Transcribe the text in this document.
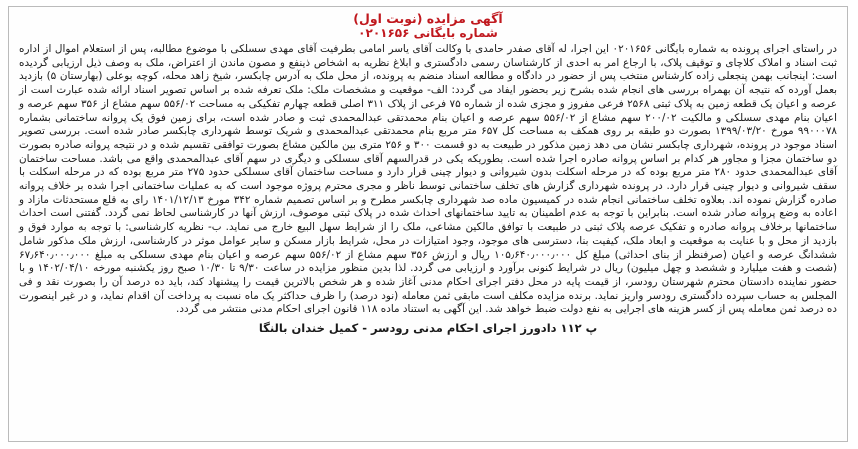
آگهی مزایده (نوبت اول)

شماره بایگانی ۰۲۰۱۶۵۶

در راستای اجرای پرونده به شماره بایگانی ۰۲۰۱۶۵۶ این اجرا، له آقای صفدر حامدی با وکالت آقای یاسر امامی بطرفیت آقای مهدی سسلکی با موضوع مطالبه، پس از استعلام اموال از اداره ثبت اسناد و املاک کلاچای و توقیف پلاک، با ارجاع امر به احدی از کارشناسان رسمی دادگستری و ابلاغ نظریه به اشخاص ذینفع و مصون ماندن از اعتراض، ملک به وصف ذیل ارزیابی گردیده است: اینجانب بهمن پنجعلی زاده کارشناس منتخب پس از حضور در دادگاه و مطالعه اسناد منضم به پرونده، از محل ملک به آدرس چابکسر، شیخ زاهد محله، کوچه بوعلی (بهارستان ۵) بازدید بعمل آورده که نتیجه آن بهمراه بررسی های انجام شده بشرح زیر بحضور ایفاد می گردد: الف- موقعیت و مشخصات ملک: ملک تعرفه شده بر اساس تصویر اسناد ارائه شده عبارت است از عرصه و اعیان یک قطعه زمین به پلاک ثبتی ۲۵۶۸ فرعی مفروز و مجزی شده از شماره ۷۵ فرعی از پلاک ۳۱۱ اصلی قطعه چهارم تفکیکی به مساحت ۵۵۶/۰۲ سهم مشاع از ۳۵۶ سهم عرصه و اعیان بنام مهدی سسلکی و مالکیت ۲۰۰/۰۲ سهم مشاع از ۵۵۶/۰۲ سهم عرصه و اعیان بنام محمدتقی عبدالمحمدی ثبت و صادر شده است، برای زمین فوق یک پروانه ساختمانی بشماره ۹۹۰۰۰۷۸ مورخ ۱۳۹۹/۰۳/۲۰ بصورت دو طبقه بر روی همکف به مساحت کل ۶۵۷ متر مربع بنام محمدتقی عبدالمحمدی و شریک توسط شهرداری چابکسر صادر شده است. بررسی تصویر اسناد موجود در پرونده، شهرداری چابکسر نشان می دهد زمین مذکور در طبیعت به دو قسمت ۳۰۰ و ۲۵۶ متری بین مالکین مشاع بصورت توافقی تقسیم شده و در نتیجه پروانه صادره بصورت دو ساختمان مجزا و مجاور هر کدام بر اساس پروانه صادره اجرا شده است. بطوریکه یکی در قدرالسهم آقای سسلکی و دیگری در سهم آقای عبدالمحمدی واقع می باشد. مساحت ساختمان آقای عبدالمحمدی حدود ۲۸۰ متر مربع بوده که در مرحله اسکلت بدون شیروانی و دیوار چینی قرار دارد و مساحت ساختمان آقای سسلکی حدود ۲۷۵ متر مربع بوده که در مرحله اسکلت با سقف شیروانی و دیوار چینی قرار دارد. در پرونده شهرداری گزارش های تخلف ساختمانی توسط ناظر و مجری محترم پروژه موجود است که به عملیات ساختمانی اجرا شده بر خلاف پروانه صادره گزارش نموده اند. بعلاوه تخلف ساختمانی انجام شده در کمیسیون ماده صد شهرداری چابکسر مطرح و بر اساس تصمیم شماره ۳۴۲ مورخ ۱۴۰۱/۱۲/۱۳ رای به قلع مستحدثات مازاد و اعاده به وضع پروانه صادر شده است. بنابراین با توجه به عدم اطمینان به تایید ساختمانهای احداث شده در پلاک ثبتی موصوف، ارزش آنها در کارشناسی لحاظ نمی گردد. گفتنی است احداث ساختمانها برخلاف پروانه صادره و تفکیک عرصه پلاک ثبتی در طبیعت با توافق مالکین مشاعی، ملک را از شرایط سهل البیع خارج می نماید. ب- نظریه کارشناسی: با توجه به موارد فوق و بازدید از محل و با عنایت به موقعیت و ابعاد ملک، کیفیت بنا، دسترسی های موجود، وجود امتیازات در محل، شرایط بازار مسکن و سایر عوامل موثر در کارشناسی، ارزش ملک مذکور شامل ششدانگ عرصه و اعیان (صرفنظر از بنای احداثی) مبلغ کل ۱۰۵٫۶۴۰٫۰۰۰٫۰۰۰ ریال و ارزش ۳۵۶ سهم مشاع از ۵۵۶/۰۲ سهم عرصه و اعیان بنام مهدی سسلکی به مبلغ ۶۷٫۶۴۰٫۰۰۰٫۰۰۰ (شصت و هفت میلیارد و ششصد و چهل میلیون) ریال در شرایط کنونی برآورد و ارزیابی می گردد. لذا بدین منظور مزایده در ساعت ۹/۳۰ تا ۱۰/۳۰ صبح روز یکشنبه مورخه ۱۴۰۲/۰۴/۱۰ و با حضور نماینده دادستان محترم شهرستان رودسر، از قیمت پایه در محل دفتر اجرای احکام مدنی آغاز شده و هر شخص بالاترین قیمت را پیشنهاد کند، باید ده درصد آن را بصورت نقد و فی المجلس به حساب سپرده دادگستری رودسر واریز نماید. برنده مزایده مکلف است مابقی ثمن معامله (نود درصد) را ظرف حداکثر یک ماه نسبت به پرداخت آن اقدام نماید، و در غیر اینصورت ده درصد ثمن معامله پس از کسر هزینه های اجرایی به نفع دولت ضبط خواهد شد. این آگهی به استناد ماده ۱۱۸ قانون اجرای احکام مدنی منتشر می گردد.

پ ۱۱۲ دادورز اجرای احکام مدنی رودسر - کمیل خندان بالنگا
